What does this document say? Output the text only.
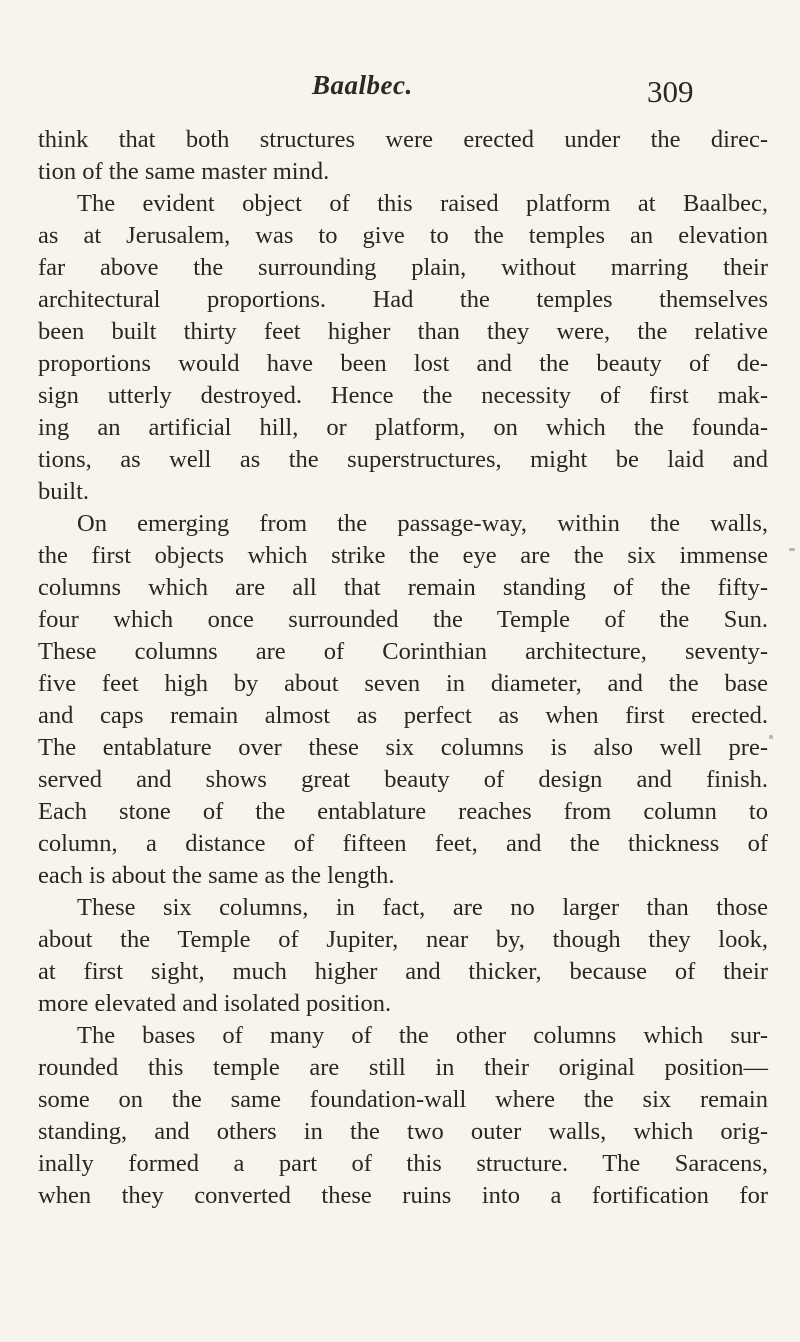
Baalbec.	309
think that both structures were erected under the direc-
tion of the same master mind.
The evident object of this raised platform at Baalbec,
as at Jerusalem, was to give to the temples an elevation
far above the surrounding plain, without marring their
architectural proportions. Had the temples themselves
been built thirty feet higher than they were, the relative
proportions would have been lost and the beauty of de-
sign utterly destroyed. Hence the necessity of first mak-
ing an artificial hill, or platform, on which the founda-
tions, as well as the superstructures, might be laid and
built.
On emerging from the passage-way, within the walls,
the first objects which strike the eye are the six immense
columns which are all that remain standing of the fifty-
four which once surrounded the Temple of the Sun.
These columns are of Corinthian architecture, seventy-
five feet high by about seven in diameter, and the base
and caps remain almost as perfect as when first erected.
The entablature over these six columns is also well pre-
served and shows great beauty of design and finish.
Each stone of the entablature reaches from column to
column, a distance of fifteen feet, and the thickness of
each is about the same as the length.
These six columns, in fact, are no larger than those
about the Temple of Jupiter, near by, though they look,
at first sight, much higher and thicker, because of their
more elevated and isolated position.
The bases of many of the other columns which sur-
rounded this temple are still in their original position—
some on the same foundation-wall where the six remain
standing, and others in the two outer walls, which orig-
inally formed a part of this structure. The Saracens,
when they converted these ruins into a fortification for
